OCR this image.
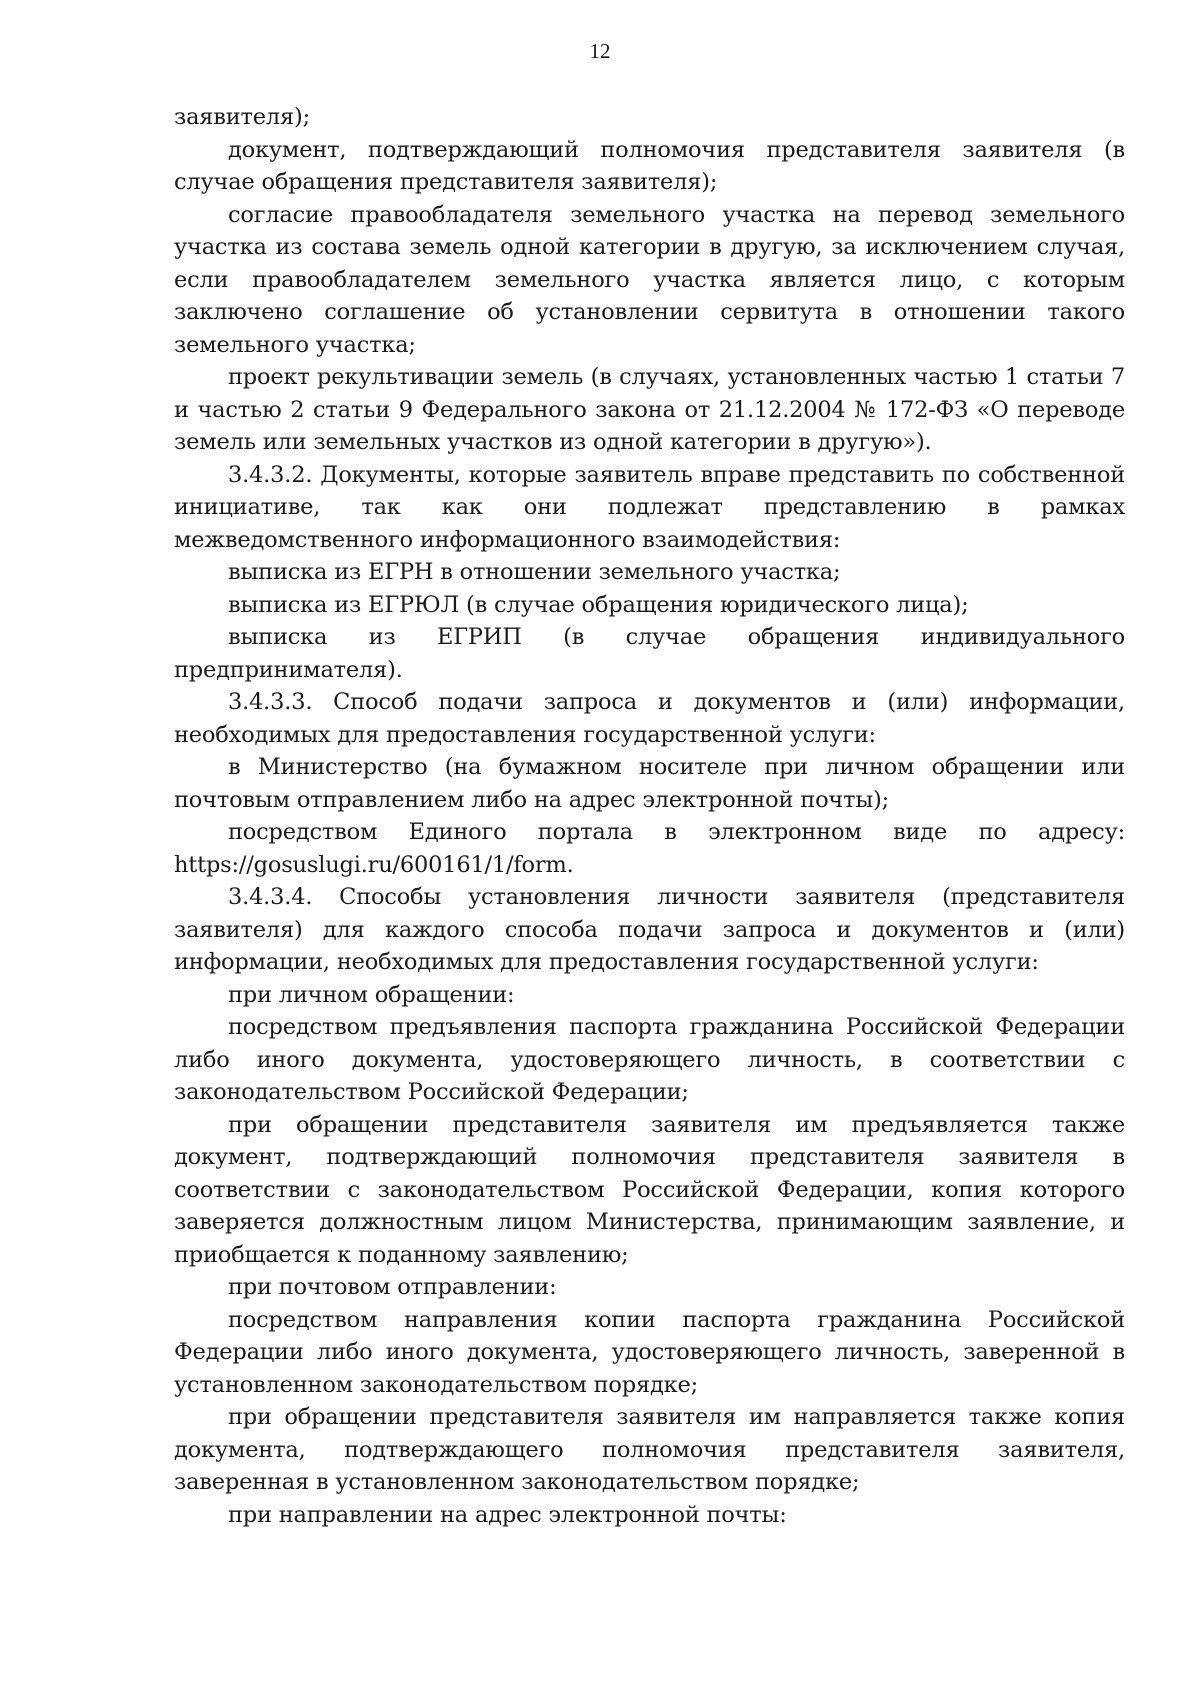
12

заявителя);

документ, подтверждающий полномочия представителя заявителя (в случае обращения представителя заявителя);

согласие правообладателя земельного участка на перевод земельного участка из состава земель одной категории в другую, за исключением случая, если правообладателем земельного участка является лицо, с которым заключено соглашение об установлении сервитута в отношении такого земельного участка;

проект рекультивации земель (в случаях, установленных частью 1 статьи 7 и частью 2 статьи 9 Федерального закона от 21.12.2004 № 172-ФЗ «О переводе земель или земельных участков из одной категории в другую»).

3.4.3.2. Документы, которые заявитель вправе представить по собственной инициативе, так как они подлежат представлению в рамках межведомственного информационного взаимодействия:

выписка из ЕГРН в отношении земельного участка;

выписка из ЕГРЮЛ (в случае обращения юридического лица);

выписка из ЕГРИП (в случае обращения индивидуального предпринимателя).

3.4.3.3. Способ подачи запроса и документов и (или) информации, необходимых для предоставления государственной услуги:

в Министерство (на бумажном носителе при личном обращении или почтовым отправлением либо на адрес электронной почты);

посредством Единого портала в электронном виде по адресу: https://gosuslugi.ru/600161/1/form.

3.4.3.4. Способы установления личности заявителя (представителя заявителя) для каждого способа подачи запроса и документов и (или) информации, необходимых для предоставления государственной услуги:

при личном обращении:

посредством предъявления паспорта гражданина Российской Федерации либо иного документа, удостоверяющего личность, в соответствии с законодательством Российской Федерации;

при обращении представителя заявителя им предъявляется также документ, подтверждающий полномочия представителя заявителя в соответствии с законодательством Российской Федерации, копия которого заверяется должностным лицом Министерства, принимающим заявление, и приобщается к поданному заявлению;

при почтовом отправлении:

посредством направления копии паспорта гражданина Российской Федерации либо иного документа, удостоверяющего личность, заверенной в установленном законодательством порядке;

при обращении представителя заявителя им направляется также копия документа, подтверждающего полномочия представителя заявителя, заверенная в установленном законодательством порядке;

при направлении на адрес электронной почты:
